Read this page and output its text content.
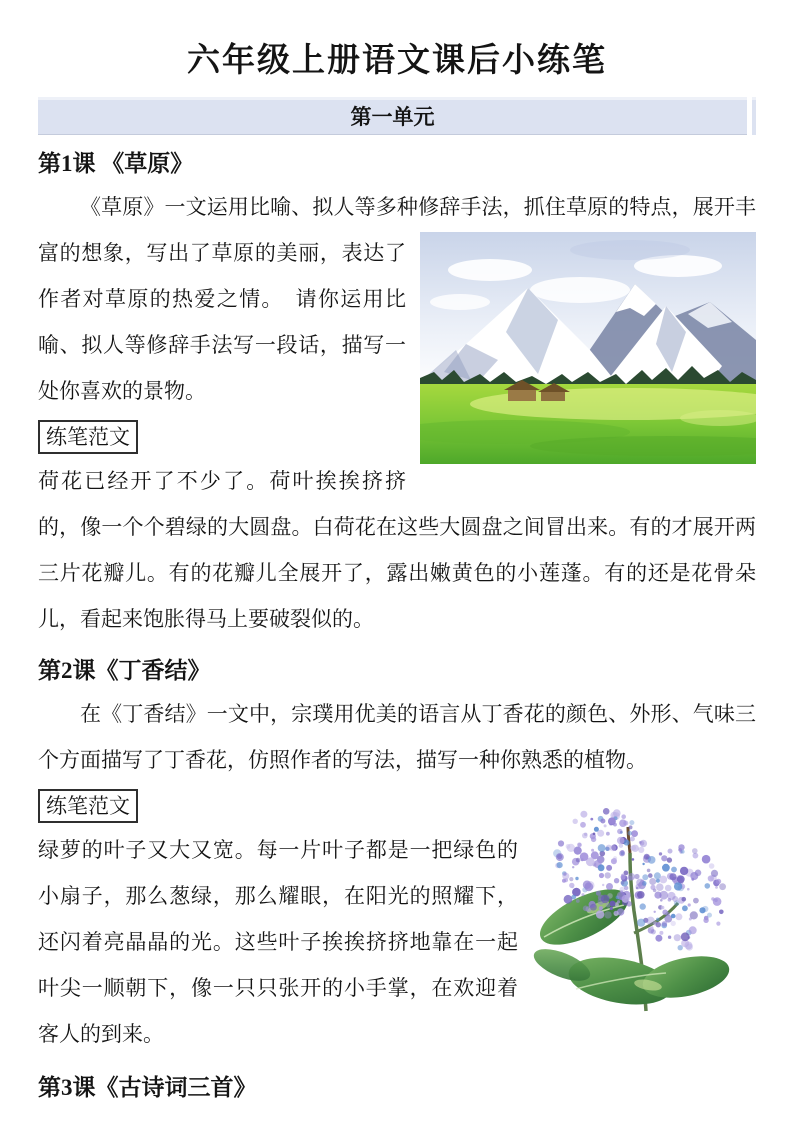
六年级上册语文课后小练笔
第一单元
第1课 《草原》

《草原》一文运用比喻、拟人等多种修辞手法，抓住草原的特点，展开丰富的想象，写出了草原的美丽，表达了作者对草原的热爱之情。　请你运用比喻、拟人等修辞手法写一段话，描写一处你喜欢的景物。

练笔范文

荷花已经开了不少了。荷叶挨挨挤挤的，像一个个碧绿的大圆盘。白荷花在这些大圆盘之间冒出来。有的才展开两三片花瓣儿。有的花瓣儿全展开了，露出嫩黄色的小莲蓬。有的还是花骨朵儿，看起来饱胀得马上要破裂似的。

第2课《丁香结》

在《丁香结》一文中，宗璞用优美的语言从丁香花的颜色、外形、气味三个方面描写了丁香花，仿照作者的写法，描写一种你熟悉的植物。

练笔范文

绿萝的叶子又大又宽。每一片叶子都是一把绿色的小扇子，那么葱绿，那么耀眼，在阳光的照耀下，还闪着亮晶晶的光。这些叶子挨挨挤挤地靠在一起叶尖一顺朝下，像一只只张开的小手掌，在欢迎着客人的到来。

第3课《古诗词三首》
